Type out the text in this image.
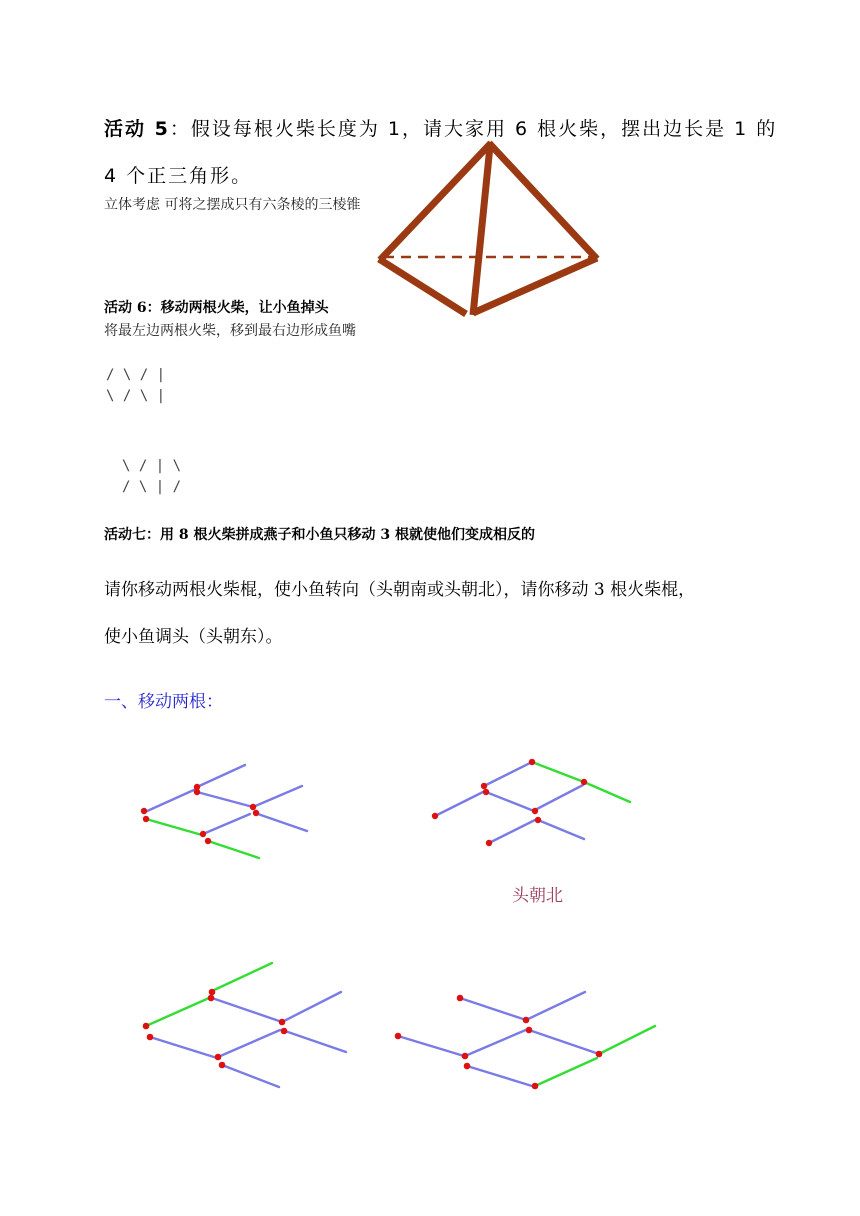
活动 5：假设每根火柴长度为 1，请大家用 6 根火柴，摆出边长是 1 的
4 个正三角形。
立体考虑 可将之摆成只有六条棱的三棱锥
活动 6：移动两根火柴，让小鱼掉头
将最左边两根火柴，移到最右边形成鱼嘴
/ \ / |
\ / \ |
\ / | \
/ \ | /
活动七：用 8 根火柴拼成燕子和小鱼只移动 3 根就使他们变成相反的
请你移动两根火柴棍，使小鱼转向（头朝南或头朝北），请你移动 3 根火柴棍，
使小鱼调头（头朝东）。
一、移动两根：
头朝北
